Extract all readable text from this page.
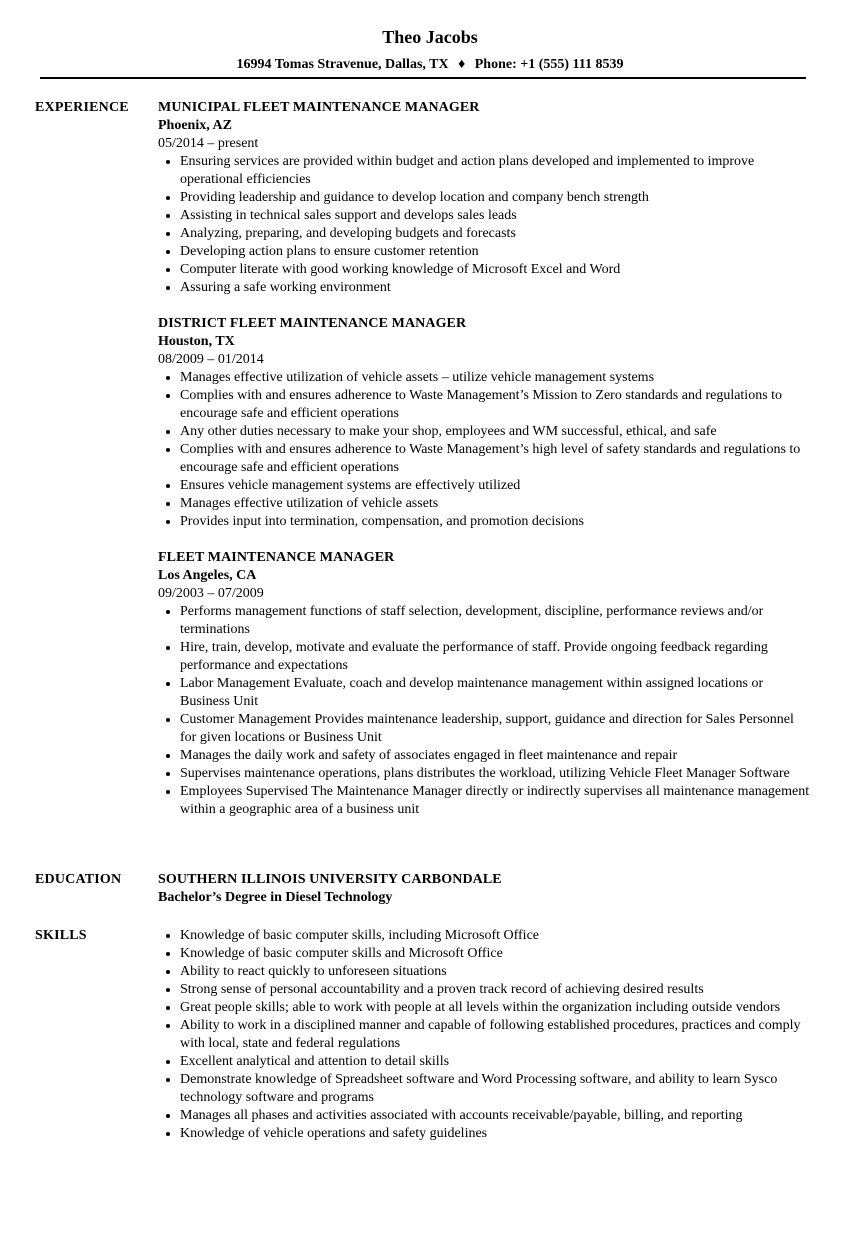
Theo Jacobs
16994 Tomas Stravenue, Dallas, TX ♦ Phone: +1 (555) 111 8539
EXPERIENCE MUNICIPAL FLEET MAINTENANCE MANAGER
Phoenix, AZ
05/2014 – present
• Ensuring services are provided within budget and action plans developed and implemented to improve operational efficiencies
• Providing leadership and guidance to develop location and company bench strength
• Assisting in technical sales support and develops sales leads
• Analyzing, preparing, and developing budgets and forecasts
• Developing action plans to ensure customer retention
• Computer literate with good working knowledge of Microsoft Excel and Word
• Assuring a safe working environment
DISTRICT FLEET MAINTENANCE MANAGER
Houston, TX
08/2009 – 01/2014
• Manages effective utilization of vehicle assets – utilize vehicle management systems
• Complies with and ensures adherence to Waste Management’s Mission to Zero standards and regulations to encourage safe and efficient operations
• Any other duties necessary to make your shop, employees and WM successful, ethical, and safe
• Complies with and ensures adherence to Waste Management’s high level of safety standards and regulations to encourage safe and efficient operations
• Ensures vehicle management systems are effectively utilized
• Manages effective utilization of vehicle assets
• Provides input into termination, compensation, and promotion decisions
FLEET MAINTENANCE MANAGER
Los Angeles, CA
09/2003 – 07/2009
• Performs management functions of staff selection, development, discipline, performance reviews and/or terminations
• Hire, train, develop, motivate and evaluate the performance of staff. Provide ongoing feedback regarding performance and expectations
• Labor Management Evaluate, coach and develop maintenance management within assigned locations or Business Unit
• Customer Management Provides maintenance leadership, support, guidance and direction for Sales Personnel for given locations or Business Unit
• Manages the daily work and safety of associates engaged in fleet maintenance and repair
• Supervises maintenance operations, plans distributes the workload, utilizing Vehicle Fleet Manager Software
• Employees Supervised The Maintenance Manager directly or indirectly supervises all maintenance management within a geographic area of a business unit
EDUCATION	SOUTHERN ILLINOIS UNIVERSITY CARBONDALE
Bachelor’s Degree in Diesel Technology
SKILLS
•	Knowledge of basic computer skills, including Microsoft Office
• Knowledge of basic computer skills and Microsoft Office
• Ability to react quickly to unforeseen situations
• Strong sense of personal accountability and a proven track record of achieving desired results
• Great people skills; able to work with people at all levels within the organization including outside vendors
• Ability to work in a disciplined manner and capable of following established procedures, practices and comply with local, state and federal regulations
• Excellent analytical and attention to detail skills
• Demonstrate knowledge of Spreadsheet software and Word Processing software, and ability to learn Sysco technology software and programs
• Manages all phases and activities associated with accounts receivable/payable, billing, and reporting
• Knowledge of vehicle operations and safety guidelines
